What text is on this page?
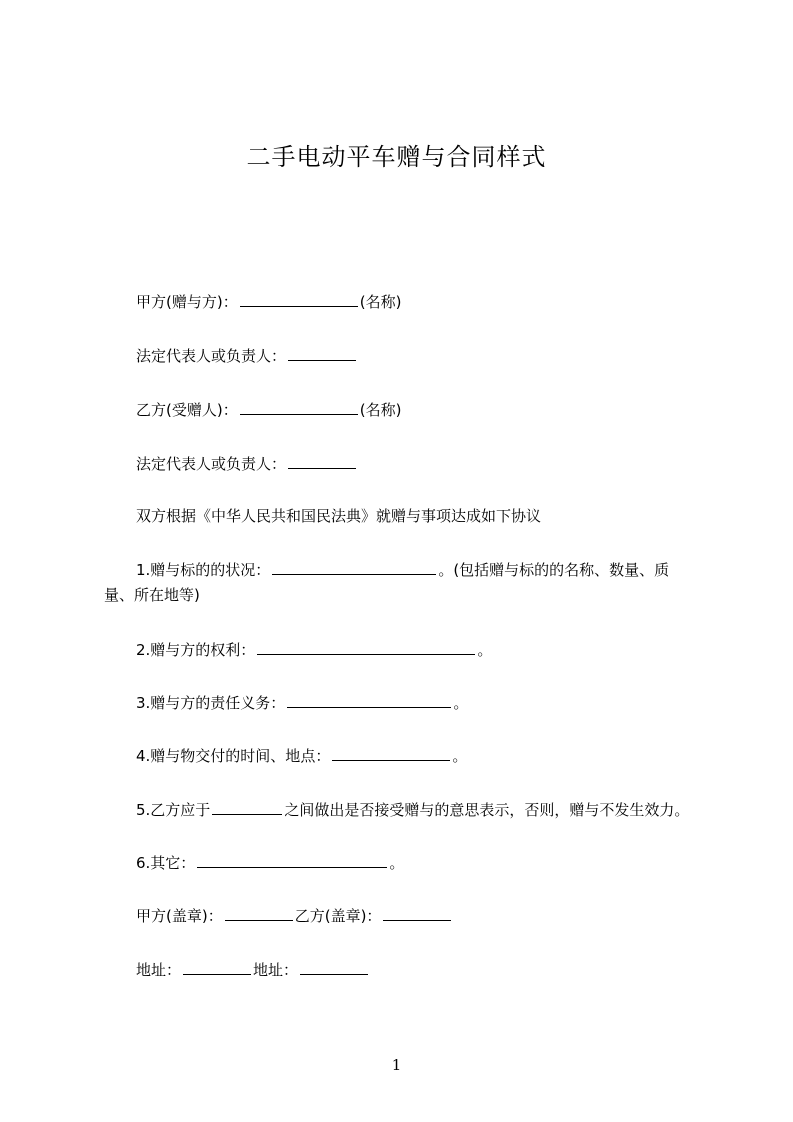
二手电动平车赠与合同样式
甲方(赠与方)：	(名称)
法定代表人或负责人：
乙方(受赠人)：	(名称)
法定代表人或负责人：
双方根据《中华人民共和国民法典》就赠与事项达成如下协议
1.赠与标的的状况：	。(包括赠与标的的名称、数量、质
量、所在地等)
2.赠与方的权利：	。
3.赠与方的责任义务：	。
4.赠与物交付的时间、地点：	。
5.乙方应于	之间做出是否接受赠与的意思表示，否则，赠与不发生效力。
6.其它：	。
甲方(盖章)：	乙方(盖章)：
地址：	地址：
1
